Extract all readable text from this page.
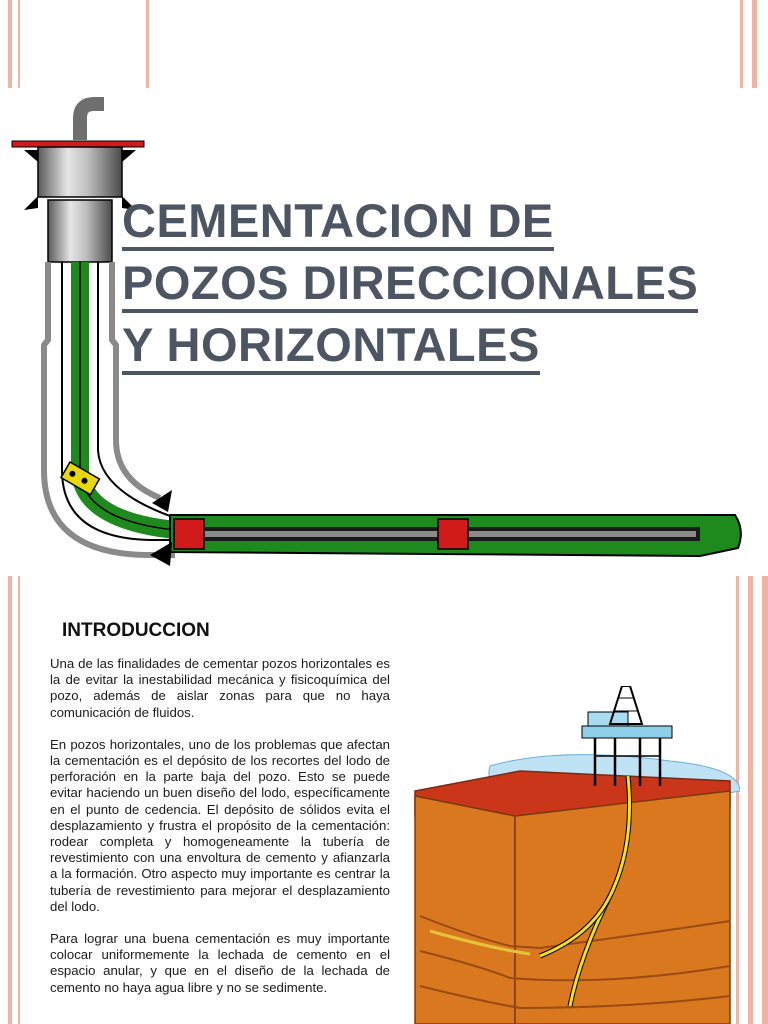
CEMENTACION DE
POZOS DIRECCIONALES
Y HORIZONTALES
INTRODUCCION

Una de las finalidades de cementar pozos horizontales es la de evitar la inestabilidad mecánica y fisicoquímica del pozo, además de aislar zonas para que no haya comunicación de fluidos.

En pozos horizontales, uno de los problemas que afectan la cementación es el depósito de los recortes del lodo de perforación en la parte baja del pozo. Esto se puede evitar haciendo un buen diseño del lodo, específicamente en el punto de cedencia. El depósito de sólidos evita el desplazamiento y frustra el propósito de la cementación: rodear completa y homogeneamente la tubería de revestimiento con una envoltura de cemento y afianzarla a la formación. Otro aspecto muy importante es centrar la tubería de revestimiento para mejorar el desplazamiento del lodo.

Para lograr una buena cementación es muy importante colocar uniformemente la lechada de cemento en el espacio anular, y que en el diseño de la lechada de cemento no haya agua libre y no se sedimente.
